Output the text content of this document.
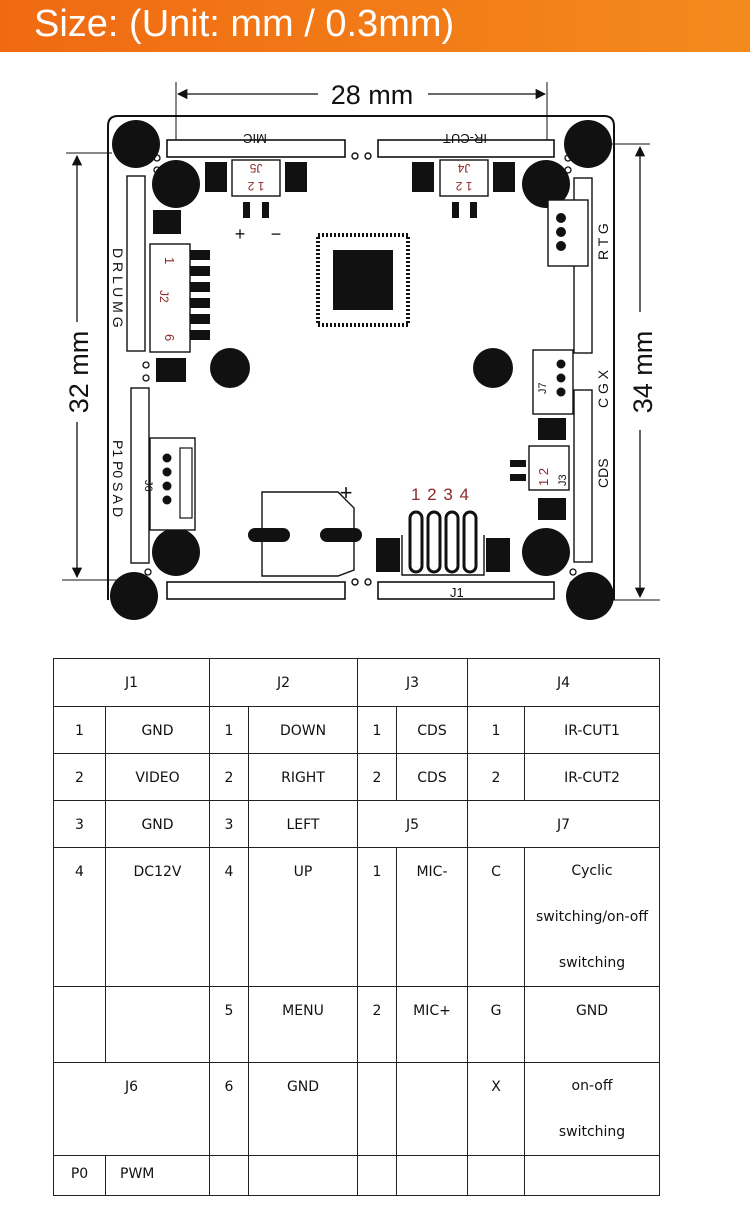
Size: (Unit: mm / 0.3mm)
28 mm
32 mm	34 mm
MIC	IR-CUT
J1
J5
1 2
+ −
J4
1 2
1
6
J2
D R L U M G
J6
P1 P0 S A D
R T G
J7	C G X
J3
1 2	CDS
1 2 3 4
+
J1		J2		J3		J4	
1	GND	1	DOWN	1	CDS	1	IR-CUT1
2	VIDEO	2	RIGHT	2	CDS	2	IR-CUT2
3	GND	3	LEFT	J5		J7	
4	DC12V	4	UP	1	MIC-	C	Cyclic switching/on-off switching
		5	MENU	2	MIC+	G	GND
J6		6	GND			X	on-off switching
P0	PWM						
